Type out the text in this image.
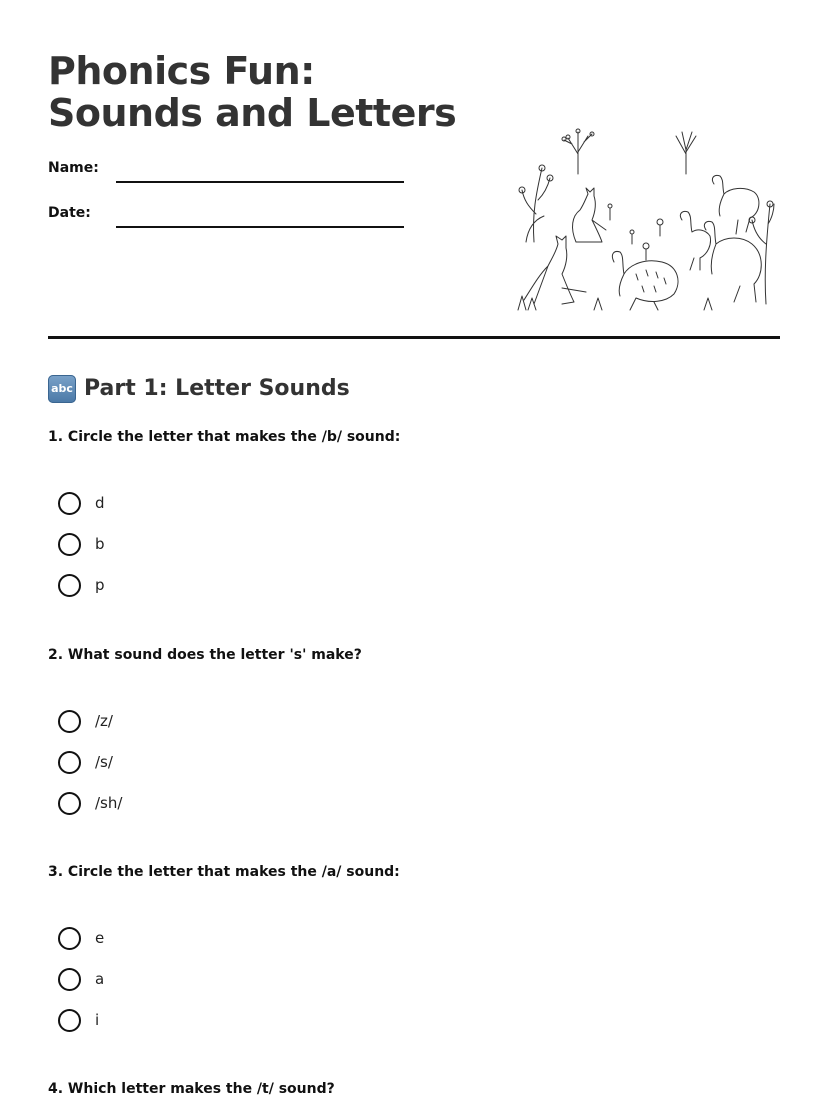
Phonics Fun: Sounds and Letters
Name:
Date:
abc Part 1: Letter Sounds
1. Circle the letter that makes the /b/ sound:
d
b
p
2. What sound does the letter 's' make?
/z/
/s/
/sh/
3. Circle the letter that makes the /a/ sound:
e
a
i
4. Which letter makes the /t/ sound?
